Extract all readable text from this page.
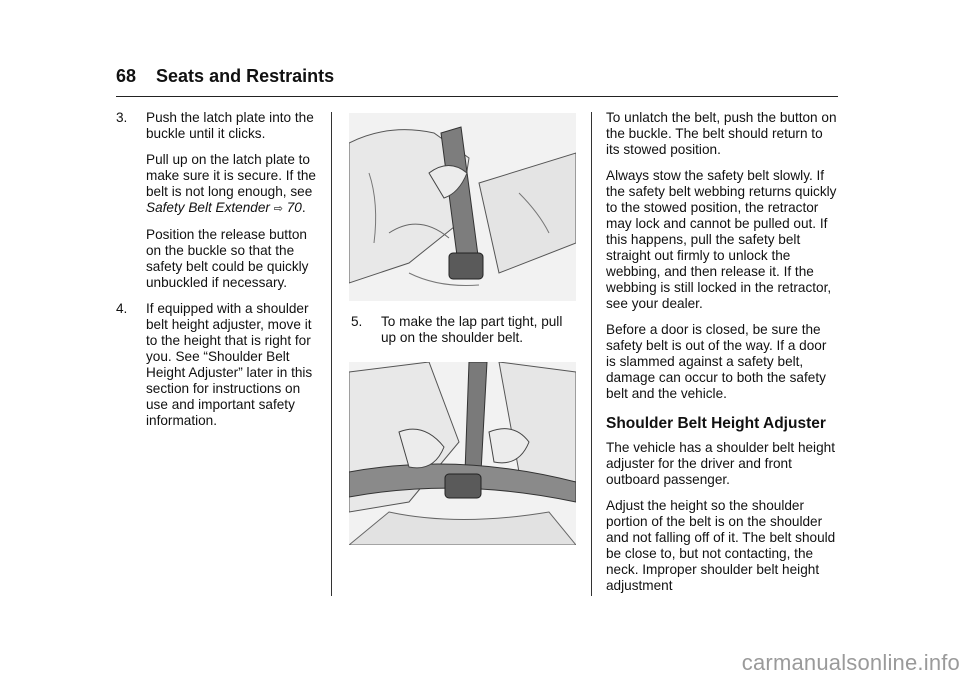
68 Seats and Restraints
3. Push the latch plate into the buckle until it clicks.

Pull up on the latch plate to make sure it is secure. If the belt is not long enough, see Safety Belt Extender ⇨ 70.

Position the release button on the buckle so that the safety belt could be quickly unbuckled if necessary.

4. If equipped with a shoulder belt height adjuster, move it to the height that is right for you. See “Shoulder Belt Height Adjuster” later in this section for instructions on use and important safety information.

5. To make the lap part tight, pull up on the shoulder belt.

To unlatch the belt, push the button on the buckle. The belt should return to its stowed position.

Always stow the safety belt slowly. If the safety belt webbing returns quickly to the stowed position, the retractor may lock and cannot be pulled out. If this happens, pull the safety belt straight out firmly to unlock the webbing, and then release it. If the webbing is still locked in the retractor, see your dealer.

Before a door is closed, be sure the safety belt is out of the way. If a door is slammed against a safety belt, damage can occur to both the safety belt and the vehicle.

Shoulder Belt Height Adjuster

The vehicle has a shoulder belt height adjuster for the driver and front outboard passenger.

Adjust the height so the shoulder portion of the belt is on the shoulder and not falling off of it. The belt should be close to, but not contacting, the neck. Improper shoulder belt height adjustment

carmanualsonline.info
